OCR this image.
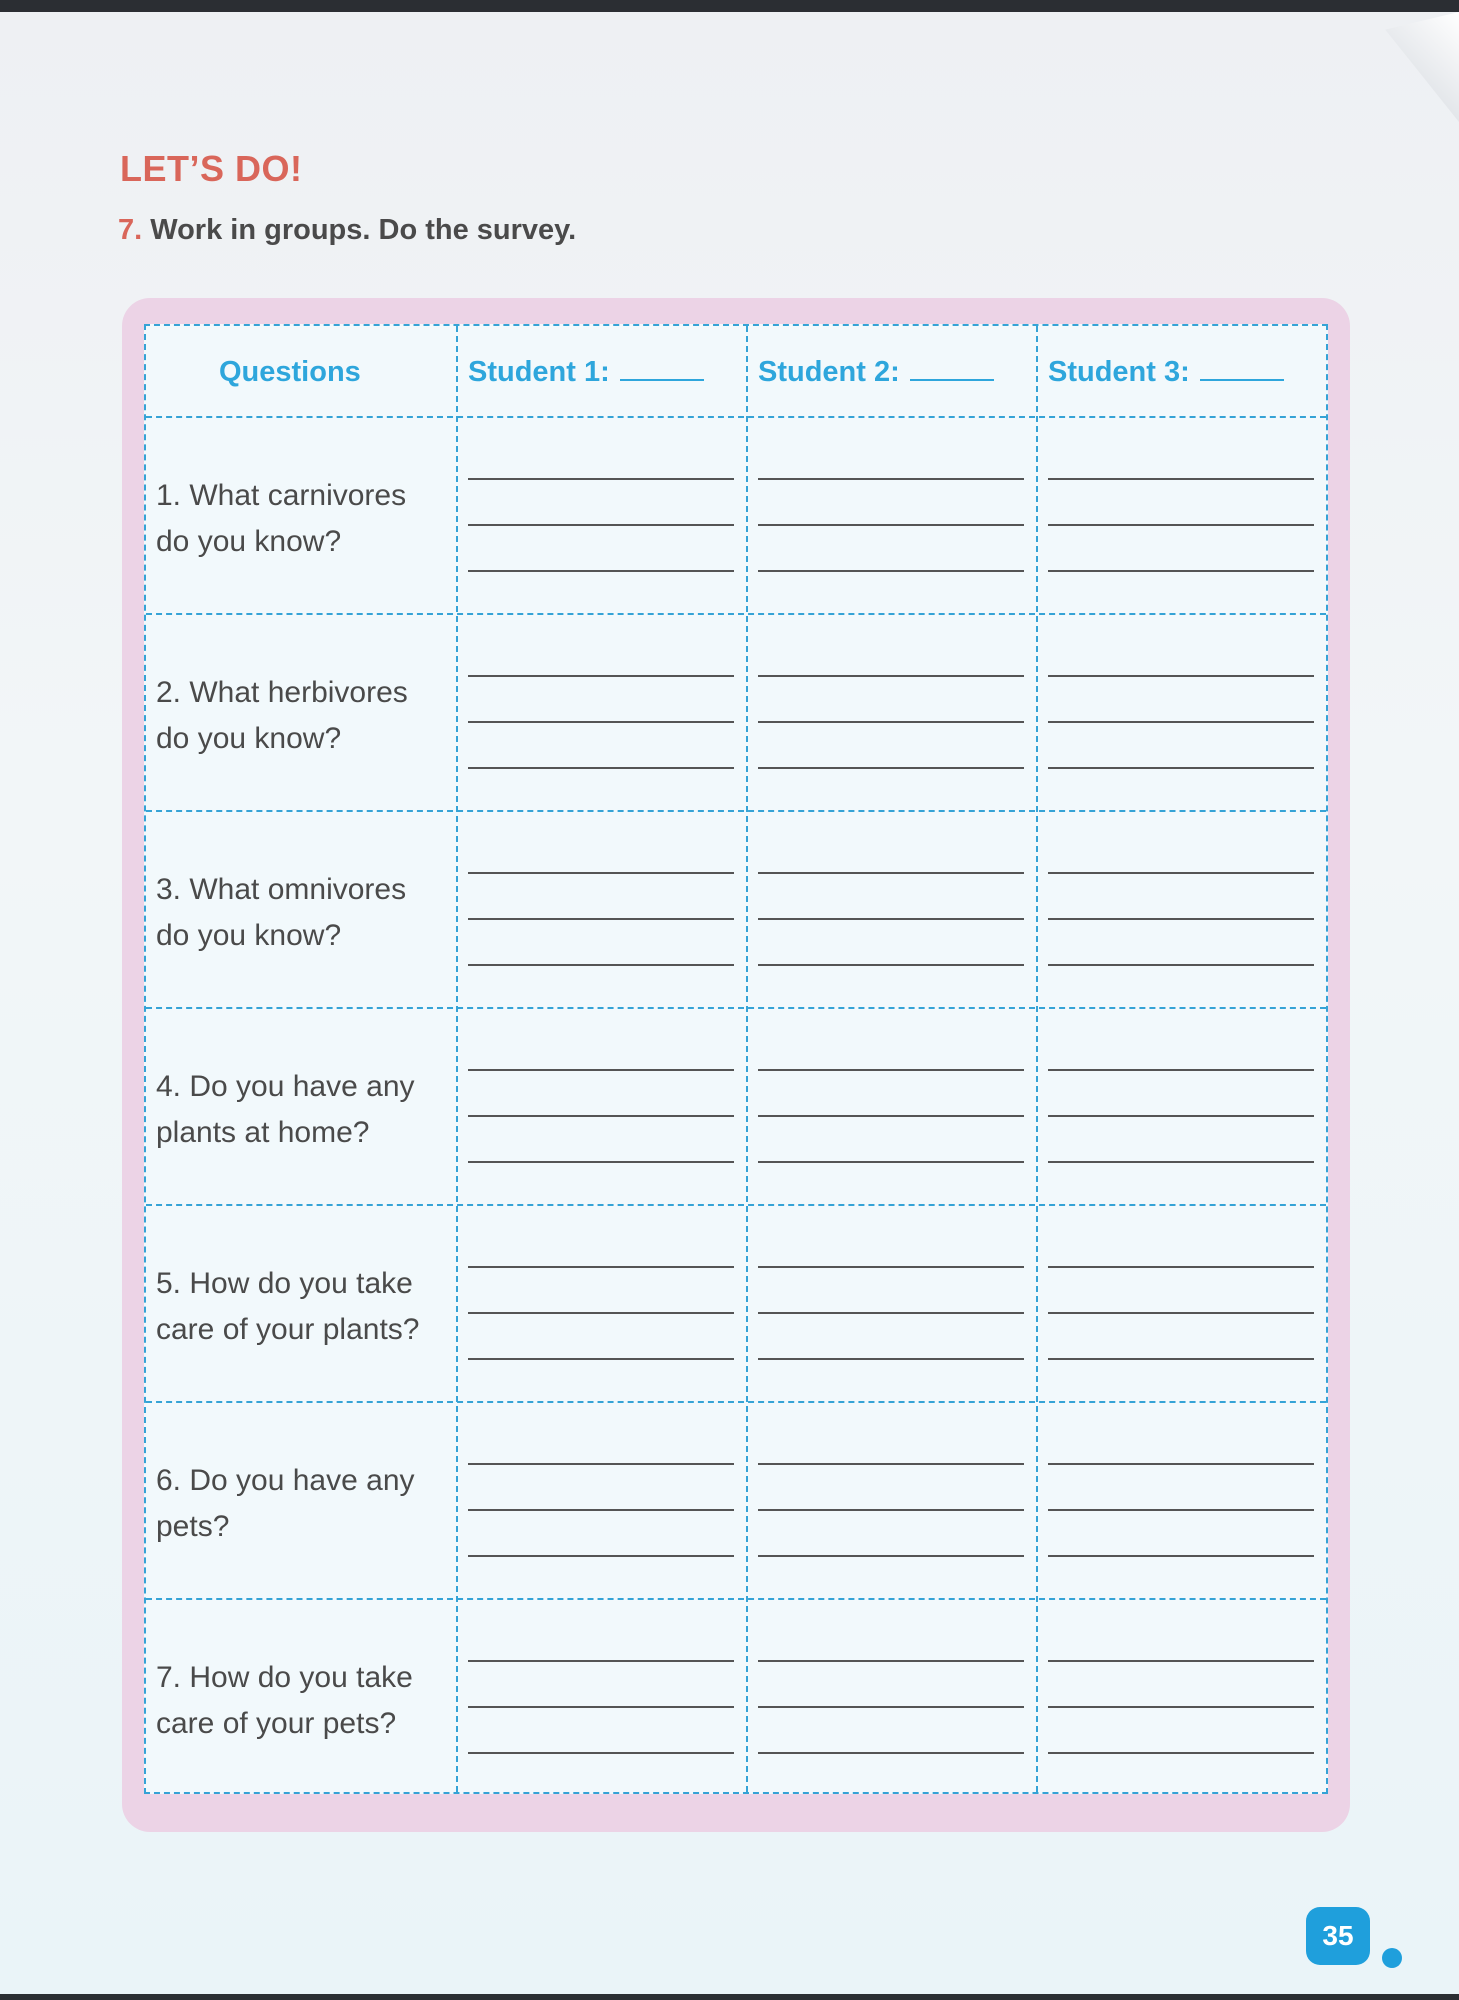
LET’S DO!
7. Work in groups. Do the survey.
Questions	Student 1:	Student 2:	Student 3:
1. What carnivores
do you know?
2. What herbivores
do you know?
3. What omnivores
do you know?
4. Do you have any
plants at home?
5. How do you take
care of your plants?
6. Do you have any
pets?
7. How do you take
care of your pets?
35
